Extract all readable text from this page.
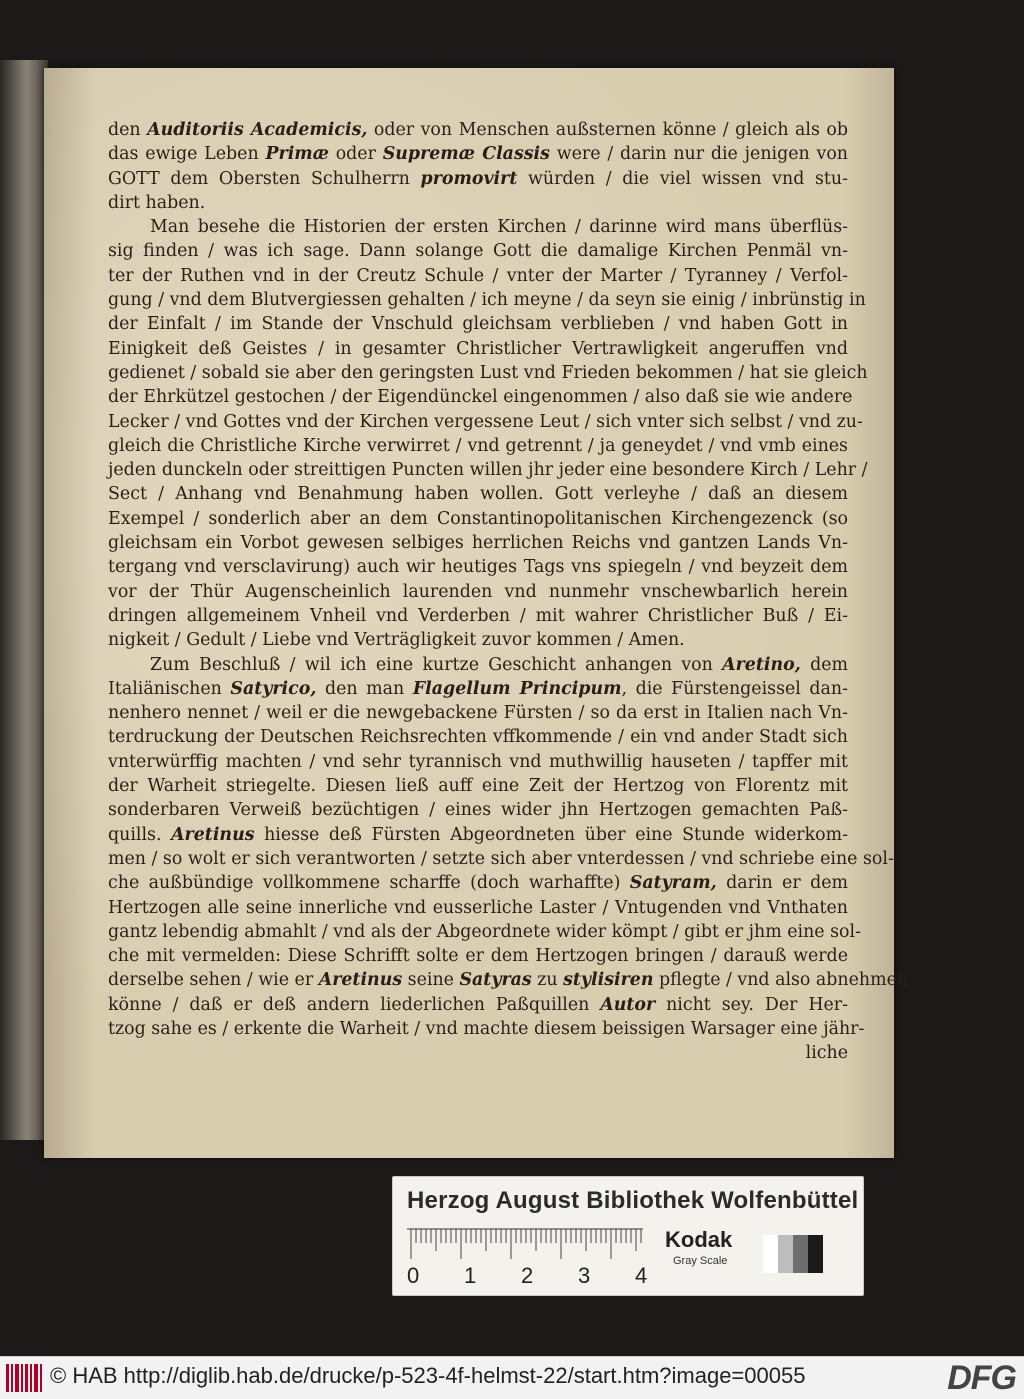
den Auditoriis Academicis, oder von Menschen außsternen könne / gleich als ob
das ewige Leben Primæ oder Supremæ Classis were / darin nur die jenigen von
GOTT dem Obersten Schulherrn promovirt würden / die viel wissen vnd stu-
dirt haben.
Man besehe die Historien der ersten Kirchen / darinne wird mans überflüs-
sig finden / was ich sage. Dann solange Gott die damalige Kirchen Penmäl vn-
ter der Ruthen vnd in der Creutz Schule / vnter der Marter / Tyranney / Verfol-
gung / vnd dem Blutvergiessen gehalten / ich meyne / da seyn sie einig / inbrünstig in
der Einfalt / im Stande der Vnschuld gleichsam verblieben / vnd haben Gott in
Einigkeit deß Geistes / in gesamter Christlicher Vertrawligkeit angeruffen vnd
gedienet / sobald sie aber den geringsten Lust vnd Frieden bekommen / hat sie gleich
der Ehrkützel gestochen / der Eigendünckel eingenommen / also daß sie wie andere
Lecker / vnd Gottes vnd der Kirchen vergessene Leut / sich vnter sich selbst / vnd zu-
gleich die Christliche Kirche verwirret / vnd getrennt / ja geneydet / vnd vmb eines
jeden dunckeln oder streittigen Puncten willen jhr jeder eine besondere Kirch / Lehr /
Sect / Anhang vnd Benahmung haben wollen. Gott verleyhe / daß an diesem
Exempel / sonderlich aber an dem Constantinopolitanischen Kirchengezenck (so
gleichsam ein Vorbot gewesen selbiges herrlichen Reichs vnd gantzen Lands Vn-
tergang vnd versclavirung) auch wir heutiges Tags vns spiegeln / vnd beyzeit dem
vor der Thür Augenscheinlich laurenden vnd nunmehr vnschewbarlich herein
dringen allgemeinem Vnheil vnd Verderben / mit wahrer Christlicher Buß / Ei-
nigkeit / Gedult / Liebe vnd Verträgligkeit zuvor kommen / Amen.
Zum Beschluß / wil ich eine kurtze Geschicht anhangen von Aretino, dem
Italiänischen Satyrico, den man Flagellum Principum, die Fürstengeissel dan-
nenhero nennet / weil er die newgebackene Fürsten / so da erst in Italien nach Vn-
terdruckung der Deutschen Reichsrechten vffkommende / ein vnd ander Stadt sich
vnterwürffig machten / vnd sehr tyrannisch vnd muthwillig hauseten / tapffer mit
der Warheit striegelte. Diesen ließ auff eine Zeit der Hertzog von Florentz mit
sonderbaren Verweiß bezüchtigen / eines wider jhn Hertzogen gemachten Paß-
quills. Aretinus hiesse deß Fürsten Abgeordneten über eine Stunde widerkom-
men / so wolt er sich verantworten / setzte sich aber vnterdessen / vnd schriebe eine sol-
che außbündige vollkommene scharffe (doch warhaffte) Satyram, darin er dem
Hertzogen alle seine innerliche vnd eusserliche Laster / Vntugenden vnd Vnthaten
gantz lebendig abmahlt / vnd als der Abgeordnete wider kömpt / gibt er jhm eine sol-
che mit vermelden: Diese Schrifft solte er dem Hertzogen bringen / darauß werde
derselbe sehen / wie er Aretinus seine Satyras zu stylisiren pflegte / vnd also abnehmen
könne / daß er deß andern liederlichen Paßquillen Autor nicht sey. Der Her-
tzog sahe es / erkente die Warheit / vnd machte diesem beissigen Warsager eine jähr-
liche
Herzog August Bibliothek Wolfenbüttel
0 1 2 3 4
Kodak
Gray Scale
© HAB http://diglib.hab.de/drucke/p-523-4f-helmst-22/start.htm?image=00055	DFG
